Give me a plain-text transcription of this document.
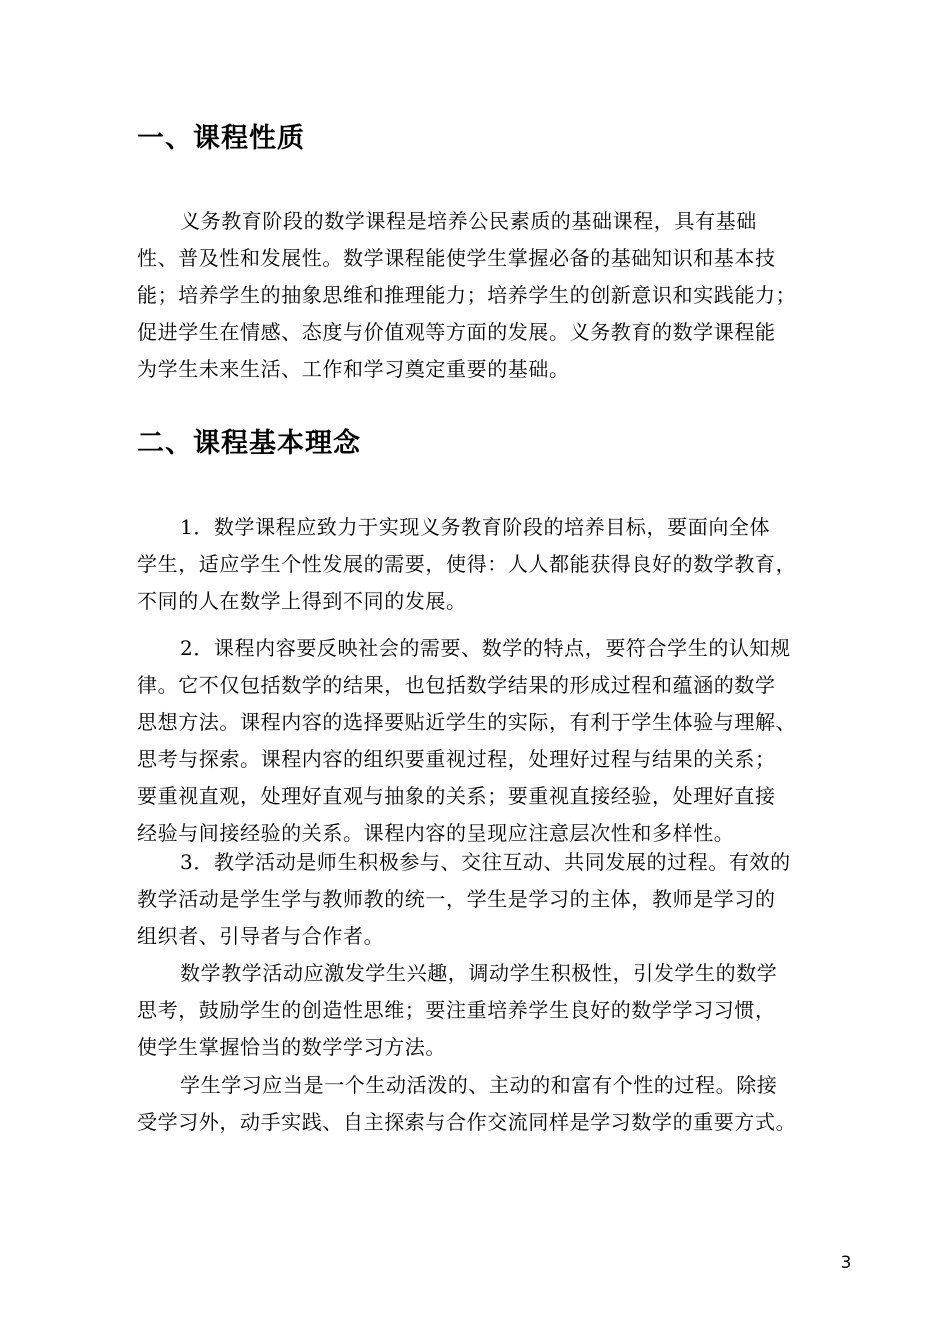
一、课程性质
义务教育阶段的数学课程是培养公民素质的基础课程，具有基础
性、普及性和发展性。数学课程能使学生掌握必备的基础知识和基本技
能；培养学生的抽象思维和推理能力；培养学生的创新意识和实践能力；
促进学生在情感、态度与价值观等方面的发展。义务教育的数学课程能
为学生未来生活、工作和学习奠定重要的基础。
二、课程基本理念
1．数学课程应致力于实现义务教育阶段的培养目标，要面向全体
学生，适应学生个性发展的需要，使得：人人都能获得良好的数学教育，
不同的人在数学上得到不同的发展。
2．课程内容要反映社会的需要、数学的特点，要符合学生的认知规
律。它不仅包括数学的结果，也包括数学结果的形成过程和蕴涵的数学
思想方法。课程内容的选择要贴近学生的实际，有利于学生体验与理解、
思考与探索。课程内容的组织要重视过程，处理好过程与结果的关系；
要重视直观，处理好直观与抽象的关系；要重视直接经验，处理好直接
经验与间接经验的关系。课程内容的呈现应注意层次性和多样性。
3．教学活动是师生积极参与、交往互动、共同发展的过程。有效的
教学活动是学生学与教师教的统一，学生是学习的主体，教师是学习的
组织者、引导者与合作者。
数学教学活动应激发学生兴趣，调动学生积极性，引发学生的数学
思考，鼓励学生的创造性思维；要注重培养学生良好的数学学习习惯，
使学生掌握恰当的数学学习方法。
学生学习应当是一个生动活泼的、主动的和富有个性的过程。除接
受学习外，动手实践、自主探索与合作交流同样是学习数学的重要方式。
3
